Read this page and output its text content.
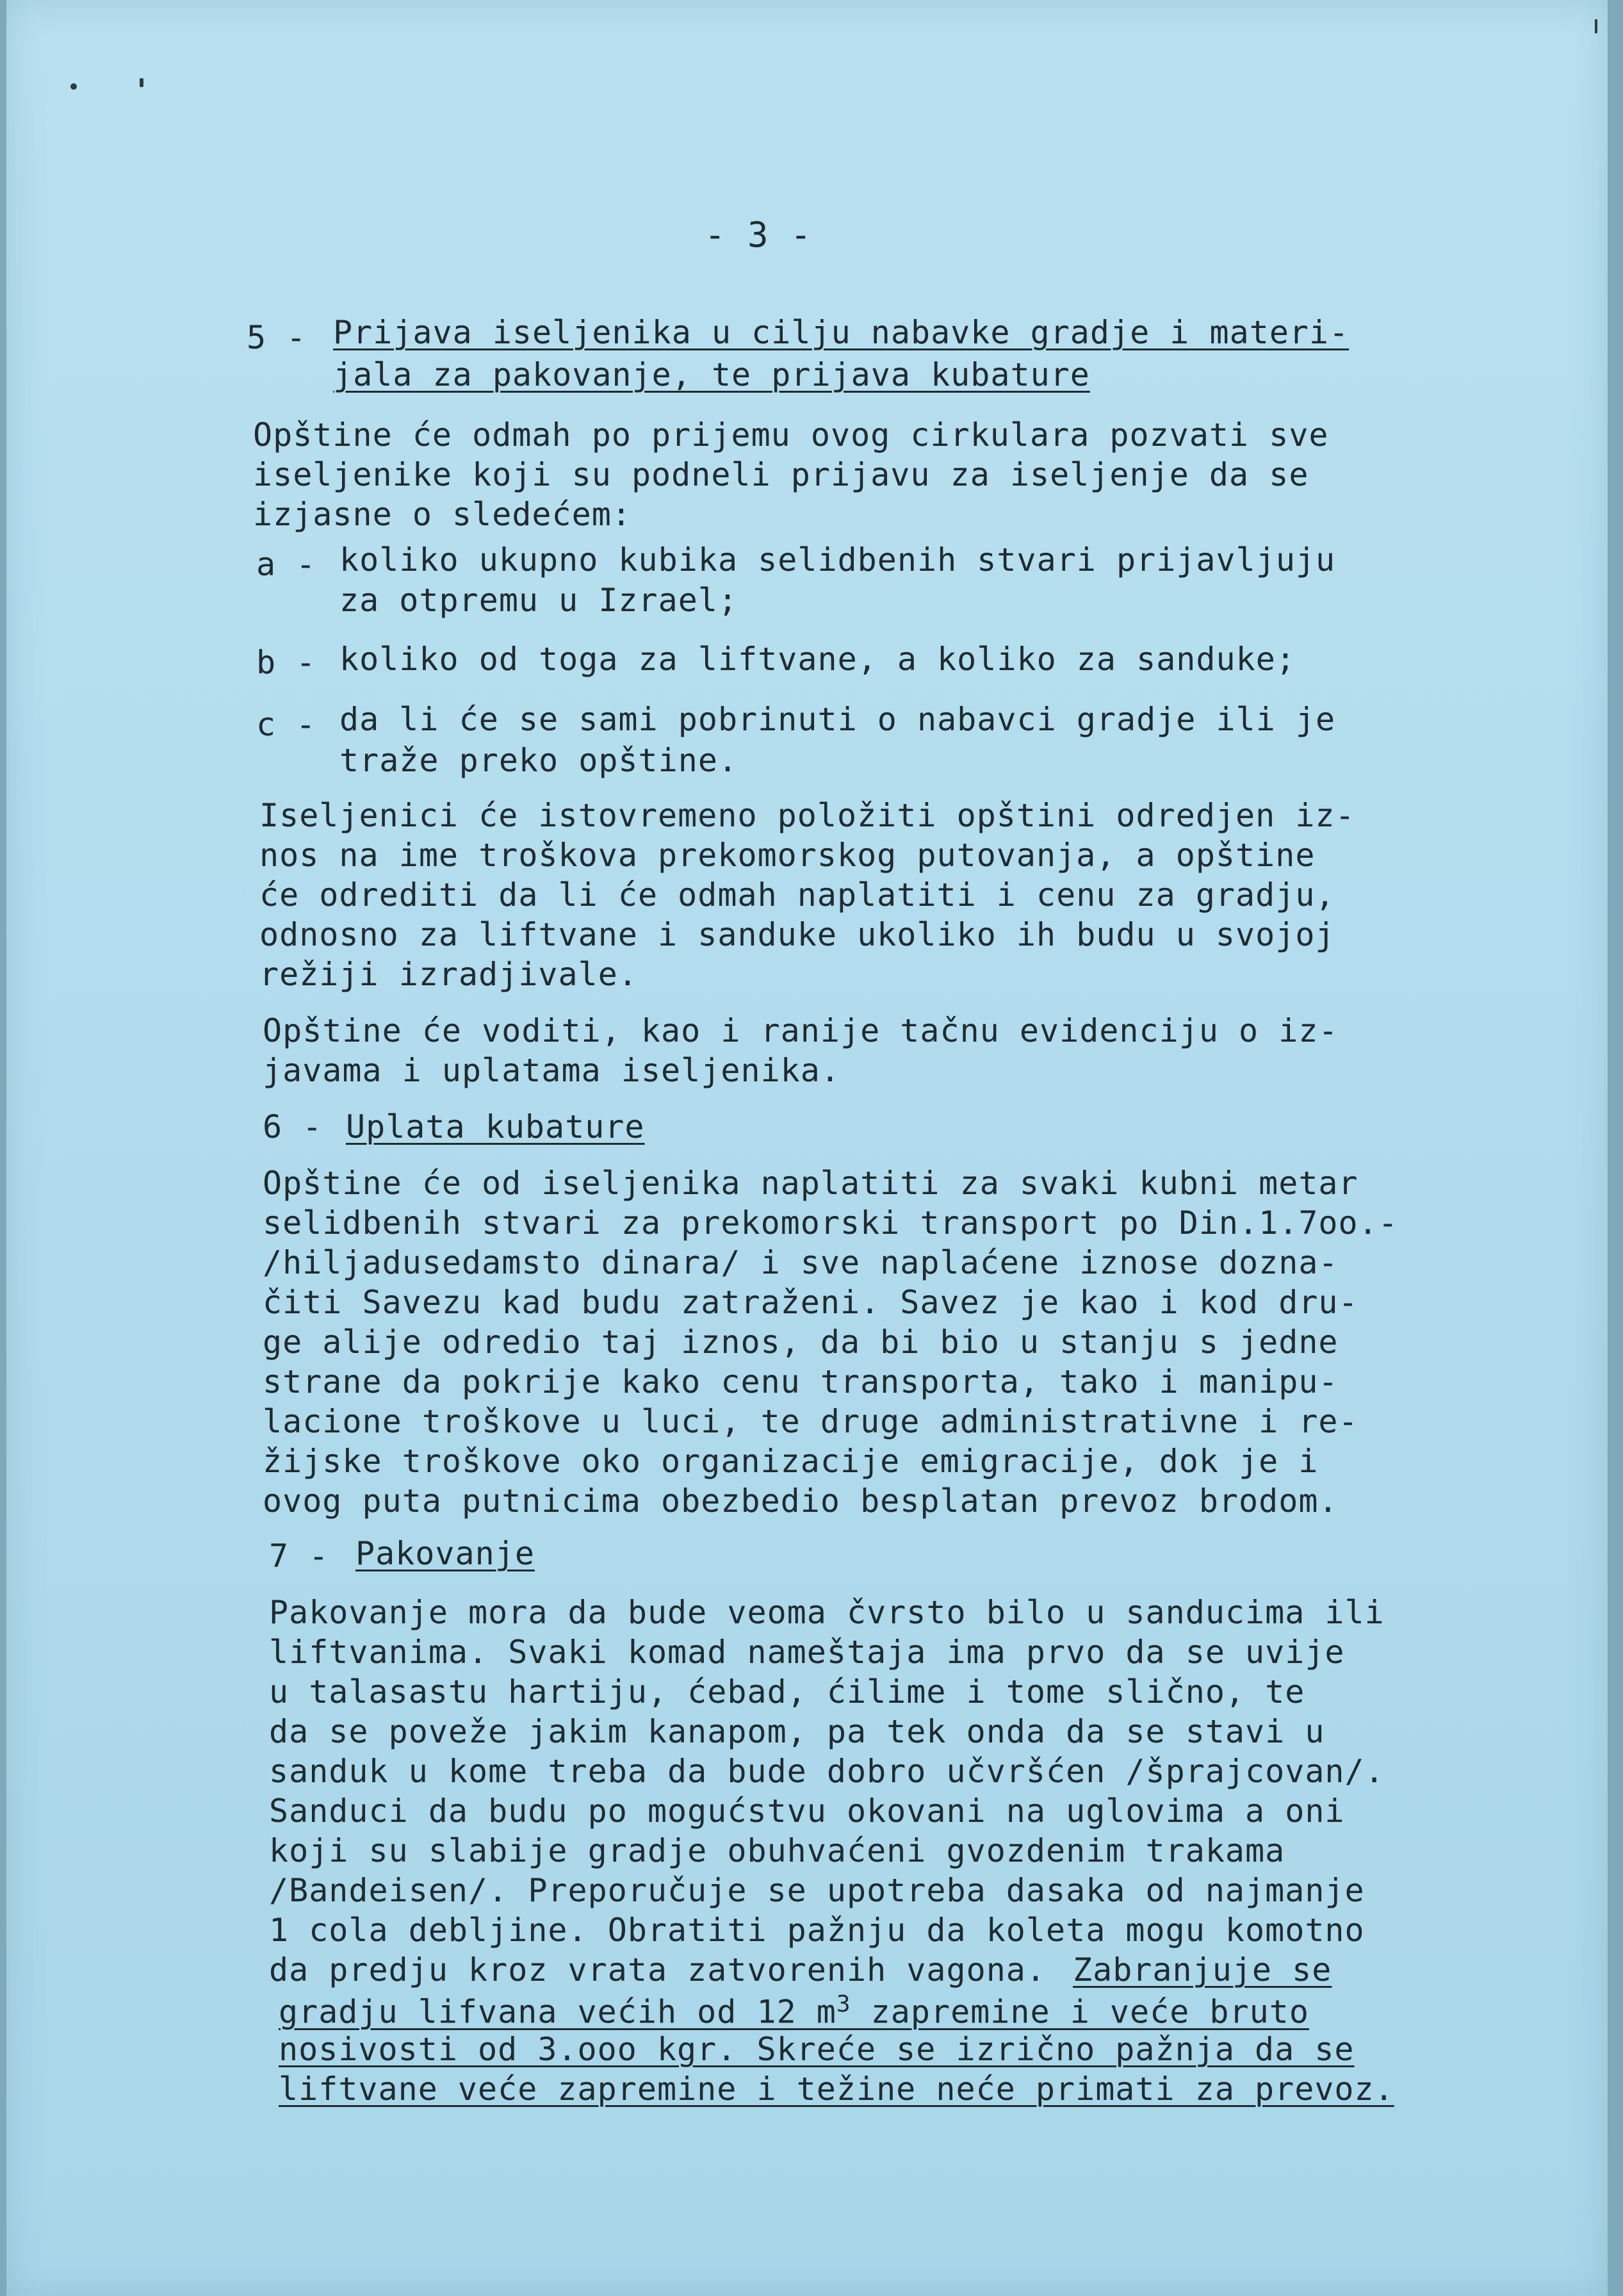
- 3 -

5 - Prijava iseljenika u cilju nabavke gradje i materi-

jala za pakovanje, te prijava kubature

Opštine će odmah po prijemu ovog cirkulara pozvati sve

iseljenike koji su podneli prijavu za iseljenje da se

izjasne o sledećem:

a - koliko ukupno kubika selidbenih stvari prijavljuju

za otpremu u Izrael;

b - koliko od toga za liftvane, a koliko za sanduke;

c - da li će se sami pobrinuti o nabavci gradje ili je

traže preko opštine.

Iseljenici će istovremeno položiti opštini odredjen iz-

nos na ime troškova prekomorskog putovanja, a opštine

će odrediti da li će odmah naplatiti i cenu za gradju,

odnosno za liftvane i sanduke ukoliko ih budu u svojoj

režiji izradjivale.

Opštine će voditi, kao i ranije tačnu evidenciju o iz-

javama i uplatama iseljenika.

6 - Uplata kubature

Opštine će od iseljenika naplatiti za svaki kubni metar

selidbenih stvari za prekomorski transport po Din.1.7oo.-

/hiljadusedamsto dinara/ i sve naplaćene iznose dozna-

čiti Savezu kad budu zatraženi. Savez je kao i kod dru-

ge alije odredio taj iznos, da bi bio u stanju s jedne

strane da pokrije kako cenu transporta, tako i manipu-

lacione troškove u luci, te druge administrativne i re-

žijske troškove oko organizacije emigracije, dok je i

ovog puta putnicima obezbedio besplatan prevoz brodom.

7 - Pakovanje

Pakovanje mora da bude veoma čvrsto bilo u sanducima ili

liftvanima. Svaki komad nameštaja ima prvo da se uvije

u talasastu hartiju, ćebad, ćilime i tome slično, te

da se poveže jakim kanapom, pa tek onda da se stavi u

sanduk u kome treba da bude dobro učvršćen /šprajcovan/.

Sanduci da budu po mogućstvu okovani na uglovima a oni

koji su slabije gradje obuhvaćeni gvozdenim trakama

/Bandeisen/. Preporučuje se upotreba dasaka od najmanje

1 cola debljine. Obratiti pažnju da koleta mogu komotno

da predju kroz vrata zatvorenih vagona. Zabranjuje se

gradju lifvana većih od 12 $m^3$ zapremine i veće bruto

nosivosti od 3.ooo kgr. Skreće se izrično pažnja da se

liftvane veće zapremine i težine neće primati za prevoz.
